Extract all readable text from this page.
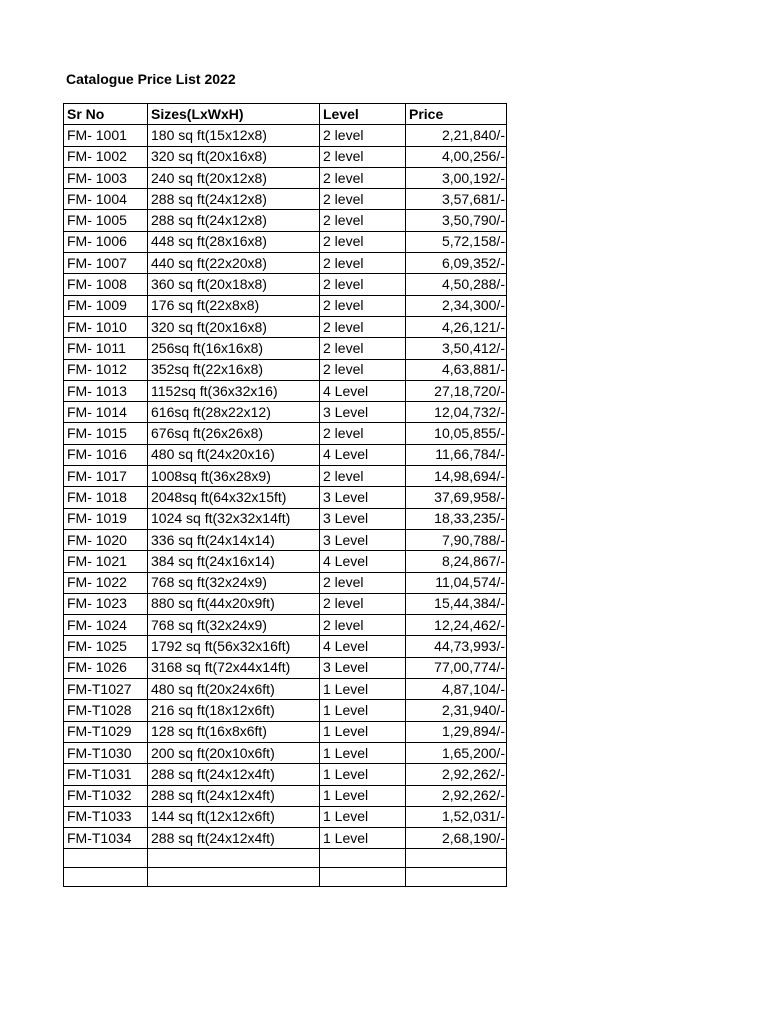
Catalogue Price List 2022
Sr No	Sizes(LxWxH)	Level	Price
FM- 1001	180 sq ft(15x12x8)	2 level	2,21,840/-
FM- 1002	320 sq ft(20x16x8)	2 level	4,00,256/-
FM- 1003	240 sq ft(20x12x8)	2 level	3,00,192/-
FM- 1004	288 sq ft(24x12x8)	2 level	3,57,681/-
FM- 1005	288 sq ft(24x12x8)	2 level	3,50,790/-
FM- 1006	448 sq ft(28x16x8)	2 level	5,72,158/-
FM- 1007	440 sq ft(22x20x8)	2 level	6,09,352/-
FM- 1008	360 sq ft(20x18x8)	2 level	4,50,288/-
FM- 1009	176 sq ft(22x8x8)	2 level	2,34,300/-
FM- 1010	320 sq ft(20x16x8)	2 level	4,26,121/-
FM- 1011	256sq ft(16x16x8)	2 level	3,50,412/-
FM- 1012	352sq ft(22x16x8)	2 level	4,63,881/-
FM- 1013	1152sq ft(36x32x16)	4 Level	27,18,720/-
FM- 1014	616sq ft(28x22x12)	3 Level	12,04,732/-
FM- 1015	676sq ft(26x26x8)	2 level	10,05,855/-
FM- 1016	480 sq ft(24x20x16)	4 Level	11,66,784/-
FM- 1017	1008sq ft(36x28x9)	2 level	14,98,694/-
FM- 1018	2048sq ft(64x32x15ft)	3 Level	37,69,958/-
FM- 1019	1024 sq ft(32x32x14ft)	3 Level	18,33,235/-
FM- 1020	336 sq ft(24x14x14)	3 Level	7,90,788/-
FM- 1021	384 sq ft(24x16x14)	4 Level	8,24,867/-
FM- 1022	768 sq ft(32x24x9)	2 level	11,04,574/-
FM- 1023	880 sq ft(44x20x9ft)	2 level	15,44,384/-
FM- 1024	768 sq ft(32x24x9)	2 level	12,24,462/-
FM- 1025	1792 sq ft(56x32x16ft)	4 Level	44,73,993/-
FM- 1026	3168 sq ft(72x44x14ft)	3 Level	77,00,774/-
FM-T1027	480 sq ft(20x24x6ft)	1 Level	4,87,104/-
FM-T1028	216 sq ft(18x12x6ft)	1 Level	2,31,940/-
FM-T1029	128 sq ft(16x8x6ft)	1 Level	1,29,894/-
FM-T1030	200 sq ft(20x10x6ft)	1 Level	1,65,200/-
FM-T1031	288 sq ft(24x12x4ft)	1 Level	2,92,262/-
FM-T1032	288 sq ft(24x12x4ft)	1 Level	2,92,262/-
FM-T1033	144 sq ft(12x12x6ft)	1 Level	1,52,031/-
FM-T1034	288 sq ft(24x12x4ft)	1 Level	2,68,190/-
